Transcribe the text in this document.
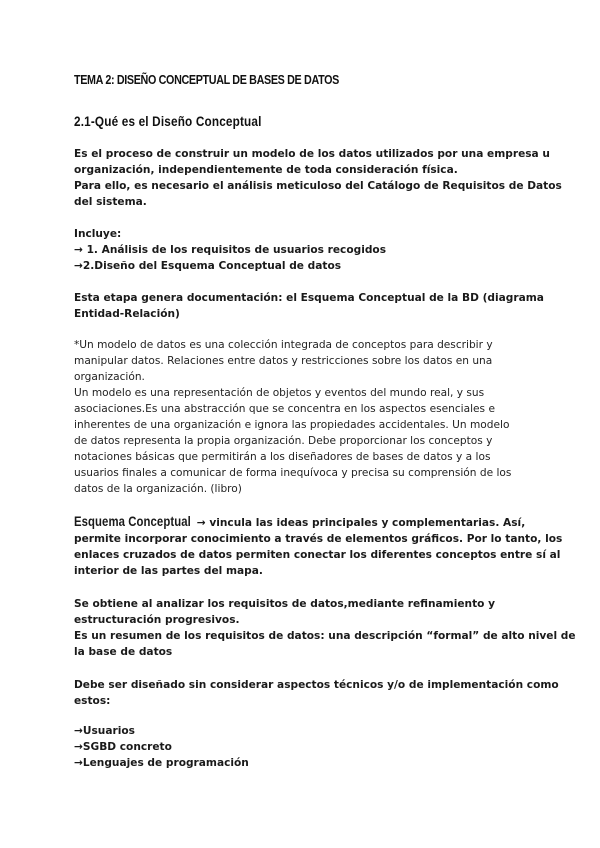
TEMA 2: DISEÑO CONCEPTUAL DE BASES DE DATOS
2.1-Qué es el Diseño Conceptual
Es el proceso de construir un modelo de los datos utilizados por una empresa u
organización, independientemente de toda consideración física.
Para ello, es necesario el análisis meticuloso del Catálogo de Requisitos de Datos
del sistema.
Incluye:
→ 1. Análisis de los requisitos de usuarios recogidos
→2.Diseño del Esquema Conceptual de datos
Esta etapa genera documentación: el Esquema Conceptual de la BD (diagrama
Entidad-Relación)
*Un modelo de datos es una colección integrada de conceptos para describir y
manipular datos. Relaciones entre datos y restricciones sobre los datos en una
organización.
Un modelo es una representación de objetos y eventos del mundo real, y sus
asociaciones.Es una abstracción que se concentra en los aspectos esenciales e
inherentes de una organización e ignora las propiedades accidentales. Un modelo
de datos representa la propia organización. Debe proporcionar los conceptos y
notaciones básicas que permitirán a los diseñadores de bases de datos y a los
usuarios finales a comunicar de forma inequívoca y precisa su comprensión de los
datos de la organización. (libro)
Esquema Conceptual → vincula las ideas principales y complementarias. Así,
permite incorporar conocimiento a través de elementos gráficos. Por lo tanto, los
enlaces cruzados de datos permiten conectar los diferentes conceptos entre sí al
interior de las partes del mapa.
Se obtiene al analizar los requisitos de datos,mediante refinamiento y
estructuración progresivos.
Es un resumen de los requisitos de datos: una descripción “formal” de alto nivel de
la base de datos
Debe ser diseñado sin considerar aspectos técnicos y/o de implementación como
estos:
→Usuarios
→SGBD concreto
→Lenguajes de programación
